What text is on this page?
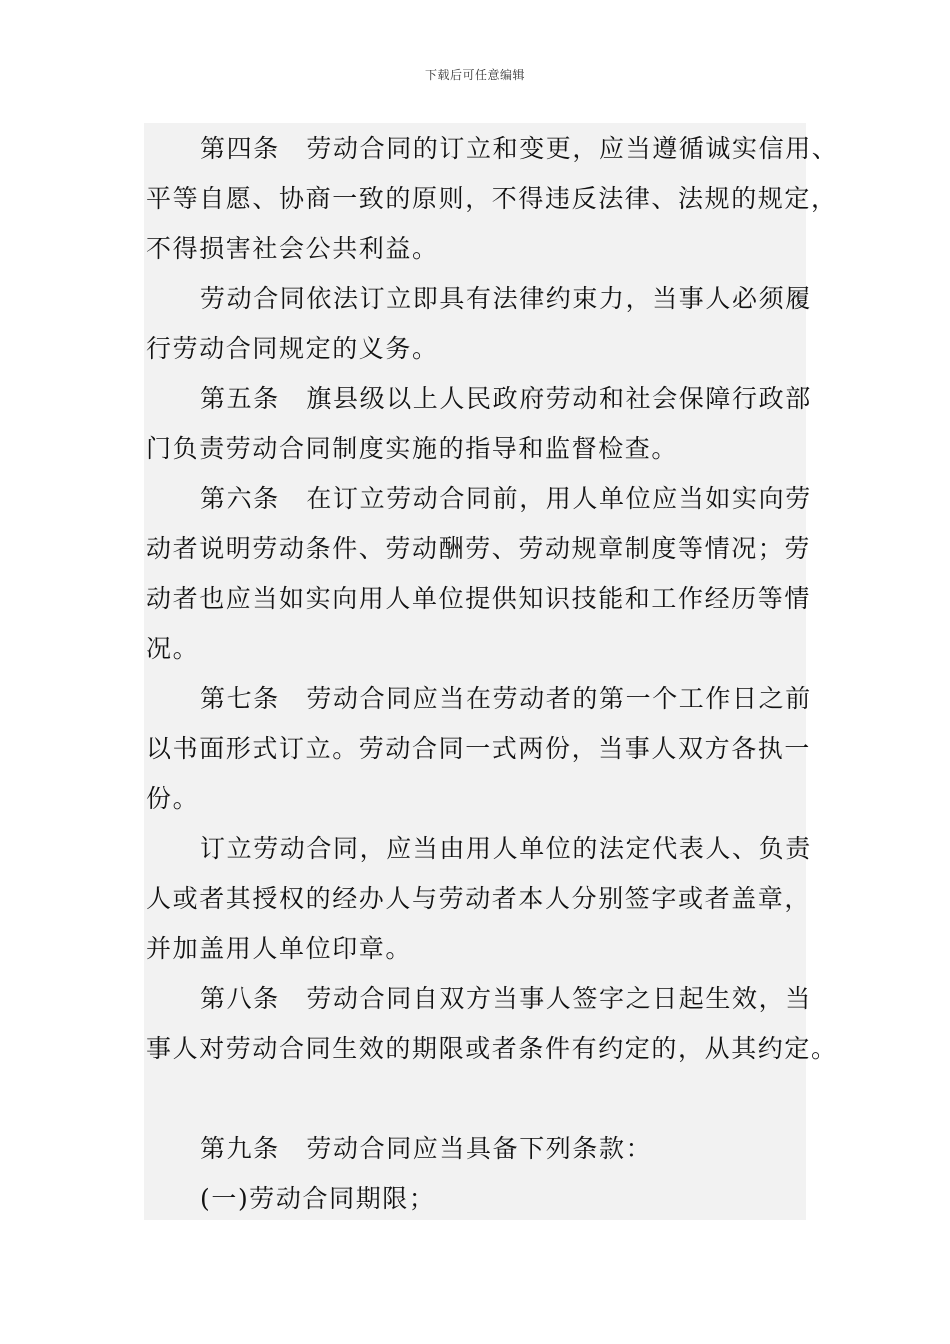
下载后可任意编辑

第四条　劳动合同的订立和变更，应当遵循诚实信用、

平等自愿、协商一致的原则，不得违反法律、法规的规定，

不得损害社会公共利益。

劳动合同依法订立即具有法律约束力，当事人必须履

行劳动合同规定的义务。

第五条　旗县级以上人民政府劳动和社会保障行政部

门负责劳动合同制度实施的指导和监督检查。

第六条　在订立劳动合同前，用人单位应当如实向劳

动者说明劳动条件、劳动酬劳、劳动规章制度等情况；劳

动者也应当如实向用人单位提供知识技能和工作经历等情

况。

第七条　劳动合同应当在劳动者的第一个工作日之前

以书面形式订立。劳动合同一式两份，当事人双方各执一

份。

订立劳动合同，应当由用人单位的法定代表人、负责

人或者其授权的经办人与劳动者本人分别签字或者盖章，

并加盖用人单位印章。

第八条　劳动合同自双方当事人签字之日起生效，当

事人对劳动合同生效的期限或者条件有约定的，从其约定。

第九条　劳动合同应当具备下列条款：

(一)劳动合同期限；
